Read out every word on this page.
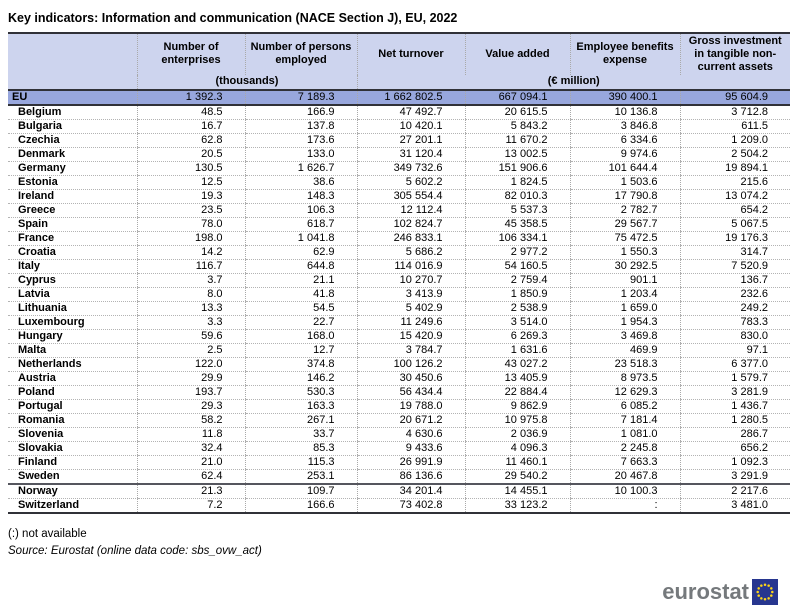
Key indicators: Information and communication (NACE Section J), EU, 2022
	Number of enterprises	Number of persons employed	Net turnover	Value added	Employee benefits expense	Gross investment in tangible non-current assets
	(thousands)		(€ million)			
EU	1 392.3	7 189.3	1 662 802.5	667 094.1	390 400.1	95 604.9
Belgium	48.5	166.9	47 492.7	20 615.5	10 136.8	3 712.8
Bulgaria	16.7	137.8	10 420.1	5 843.2	3 846.8	611.5
Czechia	62.8	173.6	27 201.1	11 670.2	6 334.6	1 209.0
Denmark	20.5	133.0	31 120.4	13 002.5	9 974.6	2 504.2
Germany	130.5	1 626.7	349 732.6	151 906.6	101 644.4	19 894.1
Estonia	12.5	38.6	5 602.2	1 824.5	1 503.6	215.6
Ireland	19.3	148.3	305 554.4	82 010.3	17 790.8	13 074.2
Greece	23.5	106.3	12 112.4	5 537.3	2 782.7	654.2
Spain	78.0	618.7	102 824.7	45 358.5	29 567.7	5 067.5
France	198.0	1 041.8	246 833.1	106 334.1	75 472.5	19 176.3
Croatia	14.2	62.9	5 686.2	2 977.2	1 550.3	314.7
Italy	116.7	644.8	114 016.9	54 160.5	30 292.5	7 520.9
Cyprus	3.7	21.1	10 270.7	2 759.4	901.1	136.7
Latvia	8.0	41.8	3 413.9	1 850.9	1 203.4	232.6
Lithuania	13.3	54.5	5 402.9	2 538.9	1 659.0	249.2
Luxembourg	3.3	22.7	11 249.6	3 514.0	1 954.3	783.3
Hungary	59.6	168.0	15 420.9	6 269.3	3 469.8	830.0
Malta	2.5	12.7	3 784.7	1 631.6	469.9	97.1
Netherlands	122.0	374.8	100 126.2	43 027.2	23 518.3	6 377.0
Austria	29.9	146.2	30 450.6	13 405.9	8 973.5	1 579.7
Poland	193.7	530.3	56 434.4	22 884.4	12 629.3	3 281.9
Portugal	29.3	163.3	19 788.0	9 862.9	6 085.2	1 436.7
Romania	58.2	267.1	20 671.2	10 975.8	7 181.4	1 280.5
Slovenia	11.8	33.7	4 630.6	2 036.9	1 081.0	286.7
Slovakia	32.4	85.3	9 433.6	4 096.3	2 245.8	656.2
Finland	21.0	115.3	26 991.9	11 460.1	7 663.3	1 092.3
Sweden	62.4	253.1	86 136.6	29 540.2	20 467.8	3 291.9
Norway	21.3	109.7	34 201.4	14 455.1	10 100.3	2 217.6
Switzerland	7.2	166.6	73 402.8	33 123.2	:	3 481.0
(:) not available
Source: Eurostat (online data code: sbs_ovw_act)
eurostat
